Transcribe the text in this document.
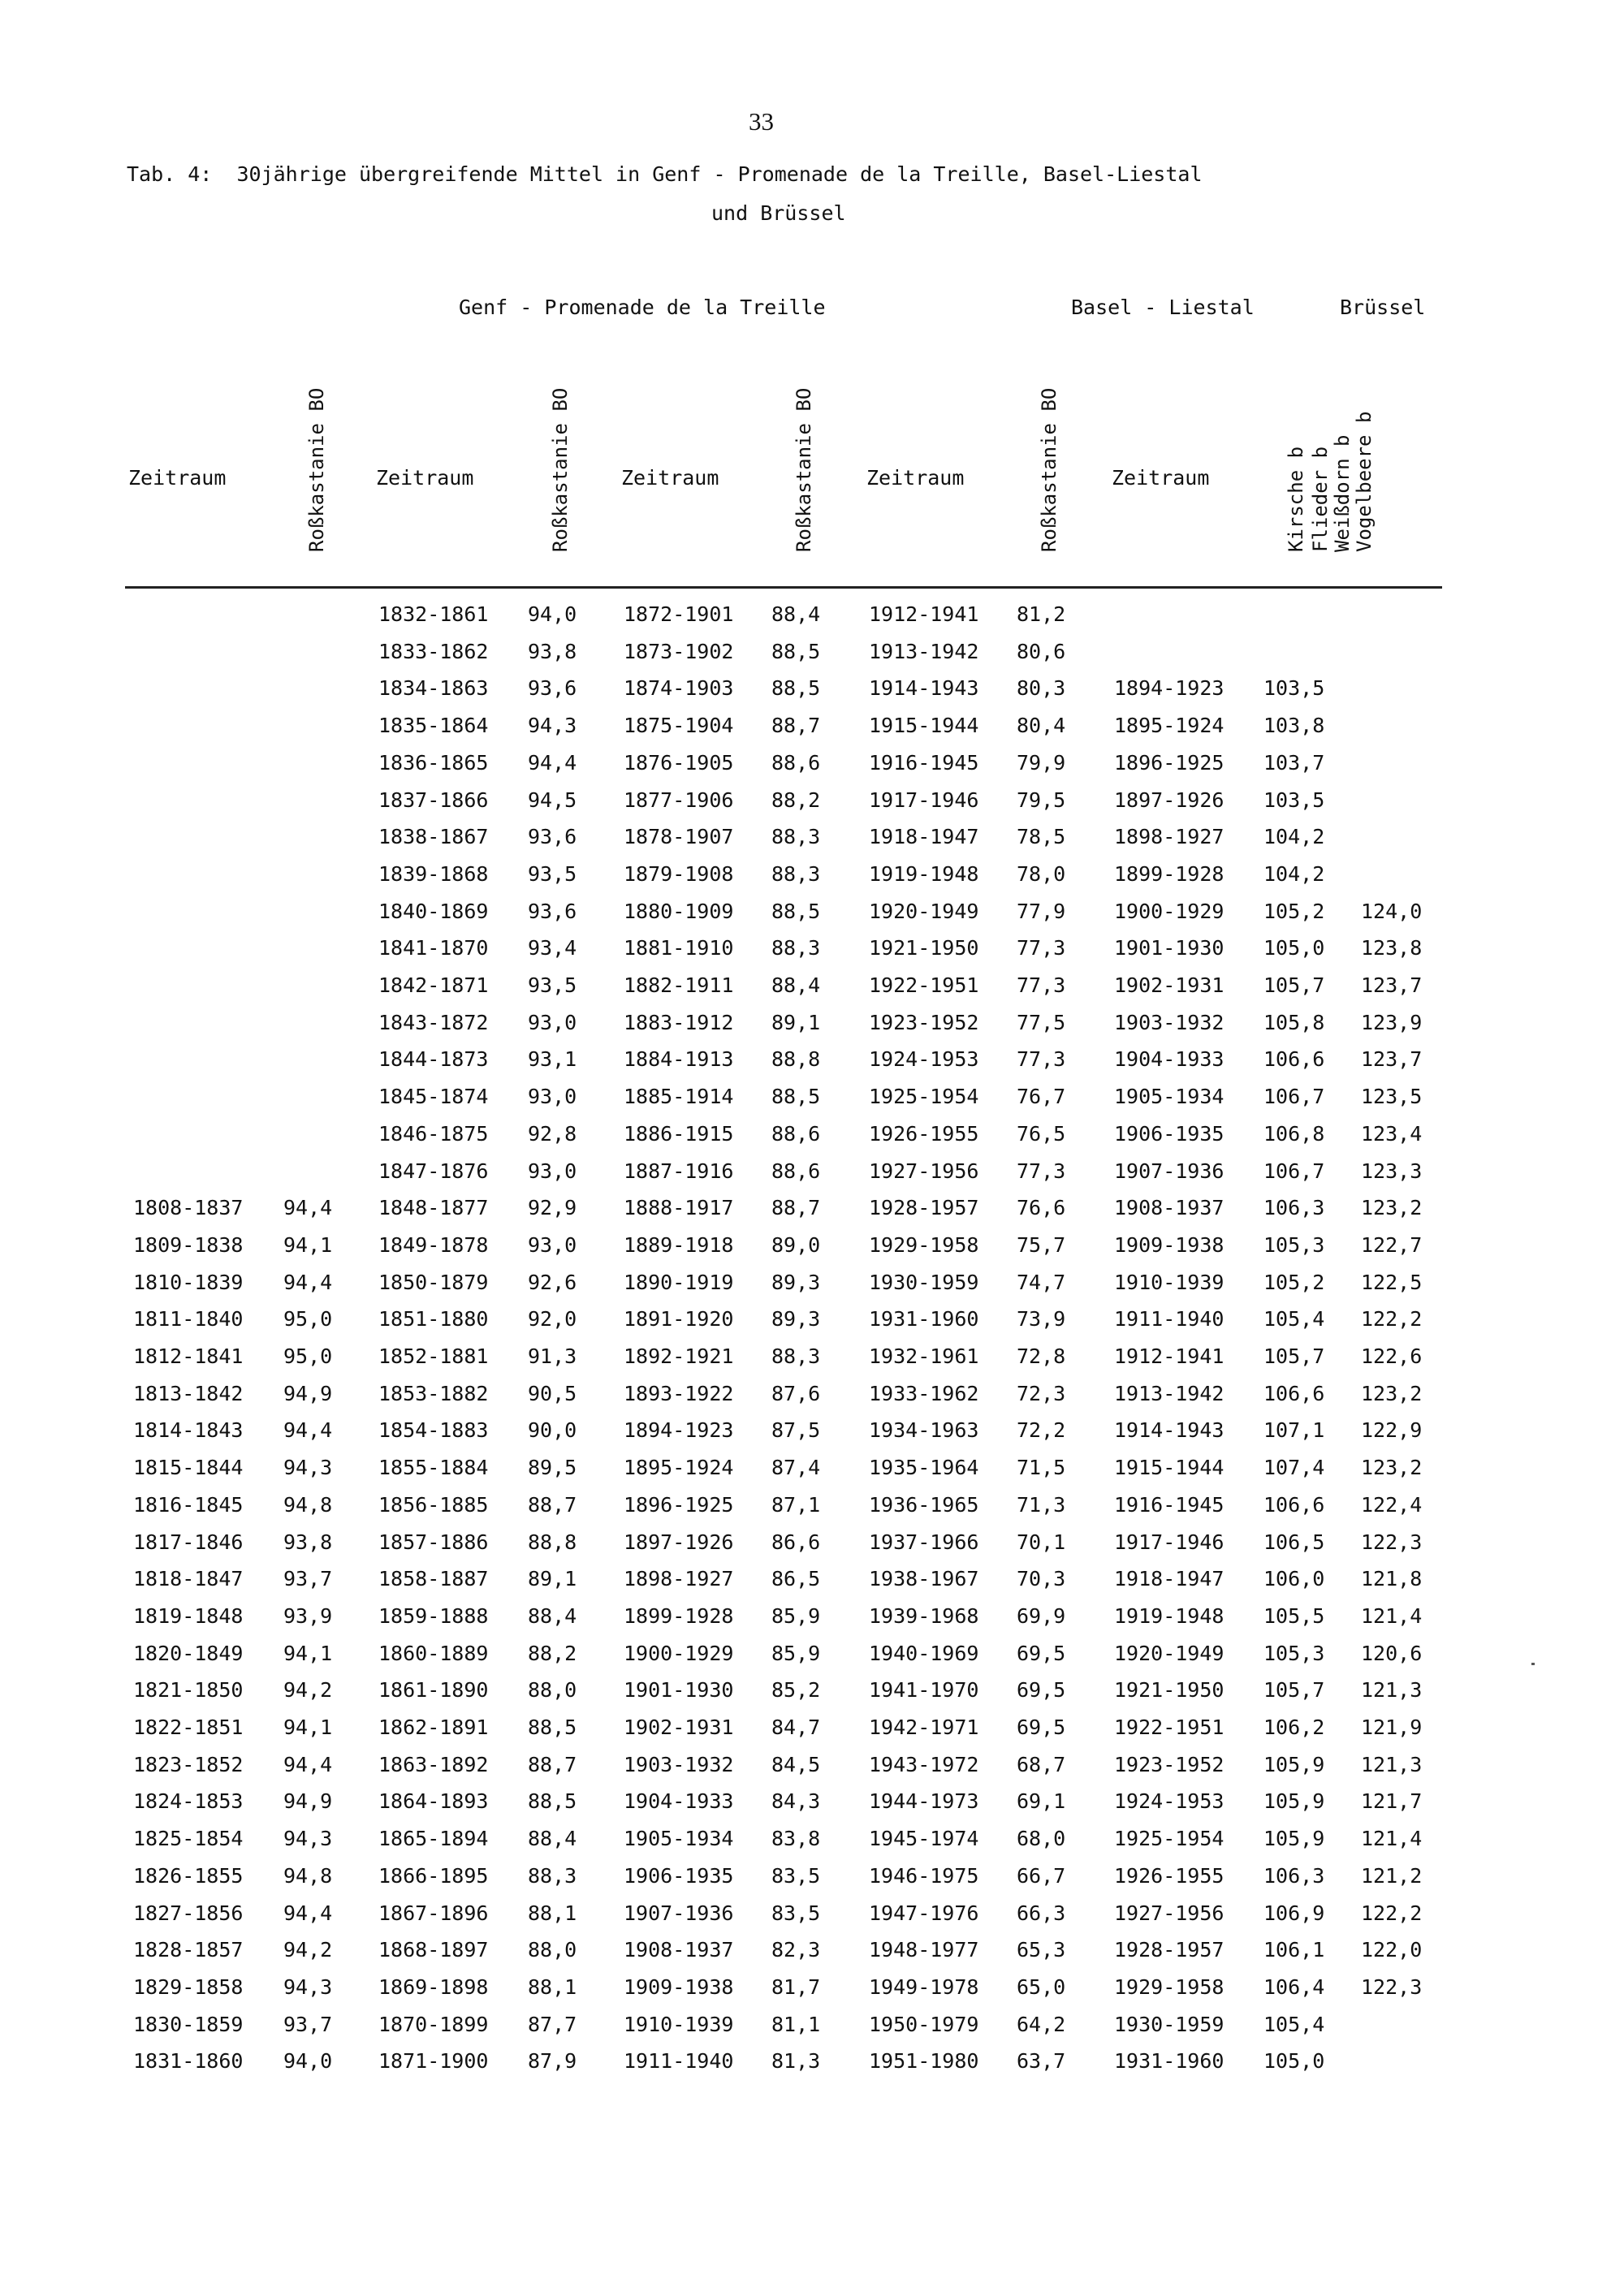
33
Tab. 4:  30jährige übergreifende Mittel in Genf - Promenade de la Treille, Basel-Liestal
und Brüssel
Genf - Promenade de la Treille	Basel - Liestal	Brüssel
Zeitraum	Roßkastanie BO Zeitraum	Roßkastanie BO Zeitraum	Roßkastanie BO	Zeitraum	Roßkastanie BO	Zeitraum	Kirsche b Flieder b Weißdorn b Vogelbeere b
1832-1861 94,0 1872-1901 88,4 1912-1941 81,2
1833-1862 93,8 1873-1902 88,5 1913-1942 80,6
1834-1863 93,6 1874-1903 88,5 1914-1943 80,3 1894-1923 103,5
1835-1864 94,3 1875-1904 88,7 1915-1944 80,4 1895-1924 103,8
1836-1865 94,4 1876-1905 88,6 1916-1945 79,9 1896-1925 103,7
1837-1866 94,5 1877-1906 88,2 1917-1946 79,5 1897-1926 103,5
1838-1867 93,6 1878-1907 88,3 1918-1947 78,5 1898-1927 104,2
1839-1868 93,5 1879-1908 88,3 1919-1948 78,0 1899-1928 104,2
1840-1869 93,6 1880-1909 88,5 1920-1949 77,9 1900-1929 105,2 124,0
1841-1870 93,4 1881-1910 88,3 1921-1950 77,3 1901-1930 105,0 123,8
1842-1871 93,5 1882-1911 88,4 1922-1951 77,3 1902-1931 105,7 123,7
1843-1872 93,0 1883-1912 89,1 1923-1952 77,5 1903-1932 105,8 123,9
1844-1873 93,1 1884-1913 88,8 1924-1953 77,3 1904-1933 106,6 123,7
1845-1874 93,0 1885-1914 88,5 1925-1954 76,7 1905-1934 106,7 123,5
1846-1875 92,8 1886-1915 88,6 1926-1955 76,5 1906-1935 106,8 123,4
1847-1876 93,0 1887-1916 88,6 1927-1956 77,3 1907-1936 106,7 123,3
1808-1837 94,4 1848-1877 92,9 1888-1917 88,7 1928-1957 76,6 1908-1937 106,3 123,2
1809-1838 94,1 1849-1878 93,0 1889-1918 89,0 1929-1958 75,7 1909-1938 105,3 122,7
1810-1839 94,4 1850-1879 92,6 1890-1919 89,3 1930-1959 74,7 1910-1939 105,2 122,5
1811-1840 95,0 1851-1880 92,0 1891-1920 89,3 1931-1960 73,9 1911-1940 105,4 122,2
1812-1841 95,0 1852-1881 91,3 1892-1921 88,3 1932-1961 72,8 1912-1941 105,7 122,6
1813-1842 94,9 1853-1882 90,5 1893-1922 87,6 1933-1962 72,3 1913-1942 106,6 123,2
1814-1843 94,4 1854-1883 90,0 1894-1923 87,5 1934-1963 72,2 1914-1943 107,1 122,9
1815-1844 94,3 1855-1884 89,5 1895-1924 87,4 1935-1964 71,5 1915-1944 107,4 123,2
1816-1845 94,8 1856-1885 88,7 1896-1925 87,1 1936-1965 71,3 1916-1945 106,6 122,4
1817-1846 93,8 1857-1886 88,8 1897-1926 86,6 1937-1966 70,1 1917-1946 106,5 122,3
1818-1847 93,7 1858-1887 89,1 1898-1927 86,5 1938-1967 70,3 1918-1947 106,0 121,8
1819-1848 93,9 1859-1888 88,4 1899-1928 85,9 1939-1968 69,9 1919-1948 105,5 121,4
1820-1849 94,1 1860-1889 88,2 1900-1929 85,9 1940-1969 69,5 1920-1949 105,3 120,6
1821-1850 94,2 1861-1890 88,0 1901-1930 85,2 1941-1970 69,5 1921-1950 105,7 121,3
1822-1851 94,1 1862-1891 88,5 1902-1931 84,7 1942-1971 69,5 1922-1951 106,2 121,9
1823-1852 94,4 1863-1892 88,7 1903-1932 84,5 1943-1972 68,7 1923-1952 105,9 121,3
1824-1853 94,9 1864-1893 88,5 1904-1933 84,3 1944-1973 69,1 1924-1953 105,9 121,7
1825-1854 94,3 1865-1894 88,4 1905-1934 83,8 1945-1974 68,0 1925-1954 105,9 121,4
1826-1855 94,8 1866-1895 88,3 1906-1935 83,5 1946-1975 66,7 1926-1955 106,3 121,2
1827-1856 94,4 1867-1896 88,1 1907-1936 83,5 1947-1976 66,3 1927-1956 106,9 122,2
1828-1857 94,2 1868-1897 88,0 1908-1937 82,3 1948-1977 65,3 1928-1957 106,1 122,0
1829-1858 94,3 1869-1898 88,1 1909-1938 81,7 1949-1978 65,0 1929-1958 106,4 122,3
1830-1859 93,7 1870-1899 87,7 1910-1939 81,1 1950-1979 64,2 1930-1959 105,4
1831-1860 94,0 1871-1900 87,9 1911-1940 81,3 1951-1980 63,7 1931-1960 105,0
